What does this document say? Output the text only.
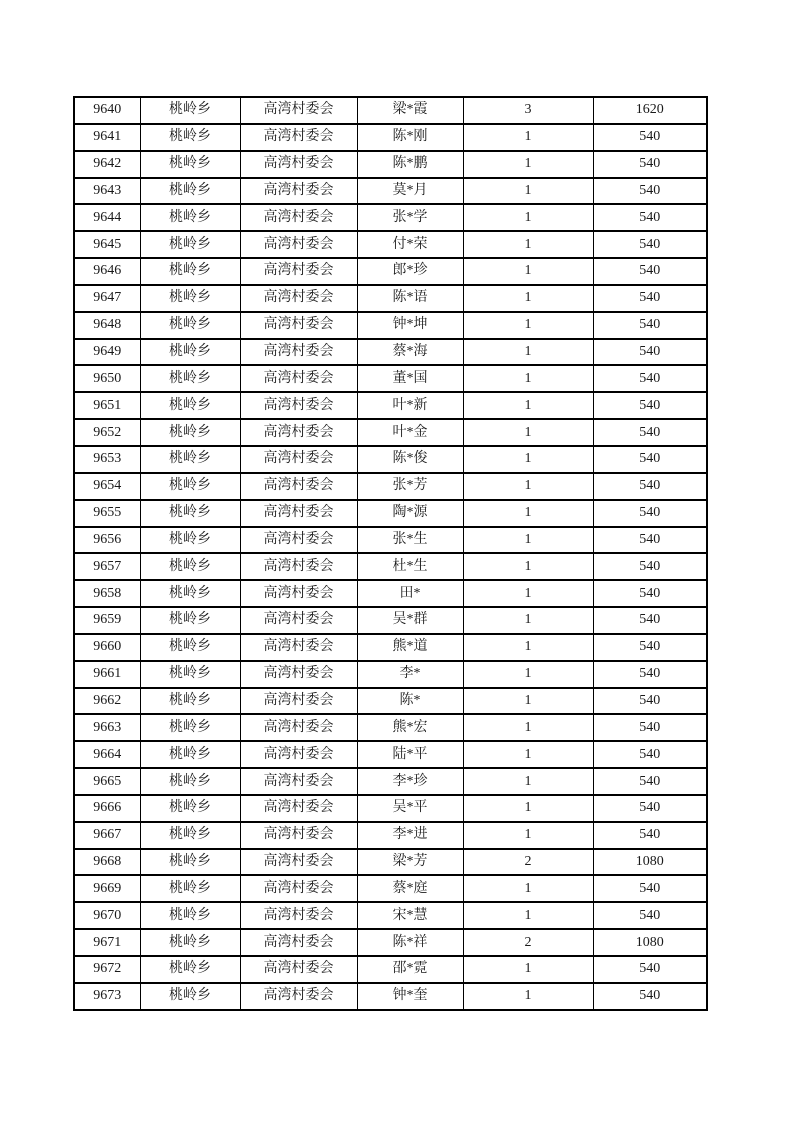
9640	桃岭乡	高湾村委会	梁*霞	3	1620
9641	桃岭乡	高湾村委会	陈*刚	1	540
9642	桃岭乡	高湾村委会	陈*鹏	1	540
9643	桃岭乡	高湾村委会	莫*月	1	540
9644	桃岭乡	高湾村委会	张*学	1	540
9645	桃岭乡	高湾村委会	付*荣	1	540
9646	桃岭乡	高湾村委会	郎*珍	1	540
9647	桃岭乡	高湾村委会	陈*语	1	540
9648	桃岭乡	高湾村委会	钟*坤	1	540
9649	桃岭乡	高湾村委会	蔡*海	1	540
9650	桃岭乡	高湾村委会	董*国	1	540
9651	桃岭乡	高湾村委会	叶*新	1	540
9652	桃岭乡	高湾村委会	叶*金	1	540
9653	桃岭乡	高湾村委会	陈*俊	1	540
9654	桃岭乡	高湾村委会	张*芳	1	540
9655	桃岭乡	高湾村委会	陶*源	1	540
9656	桃岭乡	高湾村委会	张*生	1	540
9657	桃岭乡	高湾村委会	杜*生	1	540
9658	桃岭乡	高湾村委会	田*	1	540
9659	桃岭乡	高湾村委会	吴*群	1	540
9660	桃岭乡	高湾村委会	熊*道	1	540
9661	桃岭乡	高湾村委会	李*	1	540
9662	桃岭乡	高湾村委会	陈*	1	540
9663	桃岭乡	高湾村委会	熊*宏	1	540
9664	桃岭乡	高湾村委会	陆*平	1	540
9665	桃岭乡	高湾村委会	李*珍	1	540
9666	桃岭乡	高湾村委会	吴*平	1	540
9667	桃岭乡	高湾村委会	李*进	1	540
9668	桃岭乡	高湾村委会	梁*芳	2	1080
9669	桃岭乡	高湾村委会	蔡*庭	1	540
9670	桃岭乡	高湾村委会	宋*慧	1	540
9671	桃岭乡	高湾村委会	陈*祥	2	1080
9672	桃岭乡	高湾村委会	邵*霓	1	540
9673	桃岭乡	高湾村委会	钟*奎	1	540
